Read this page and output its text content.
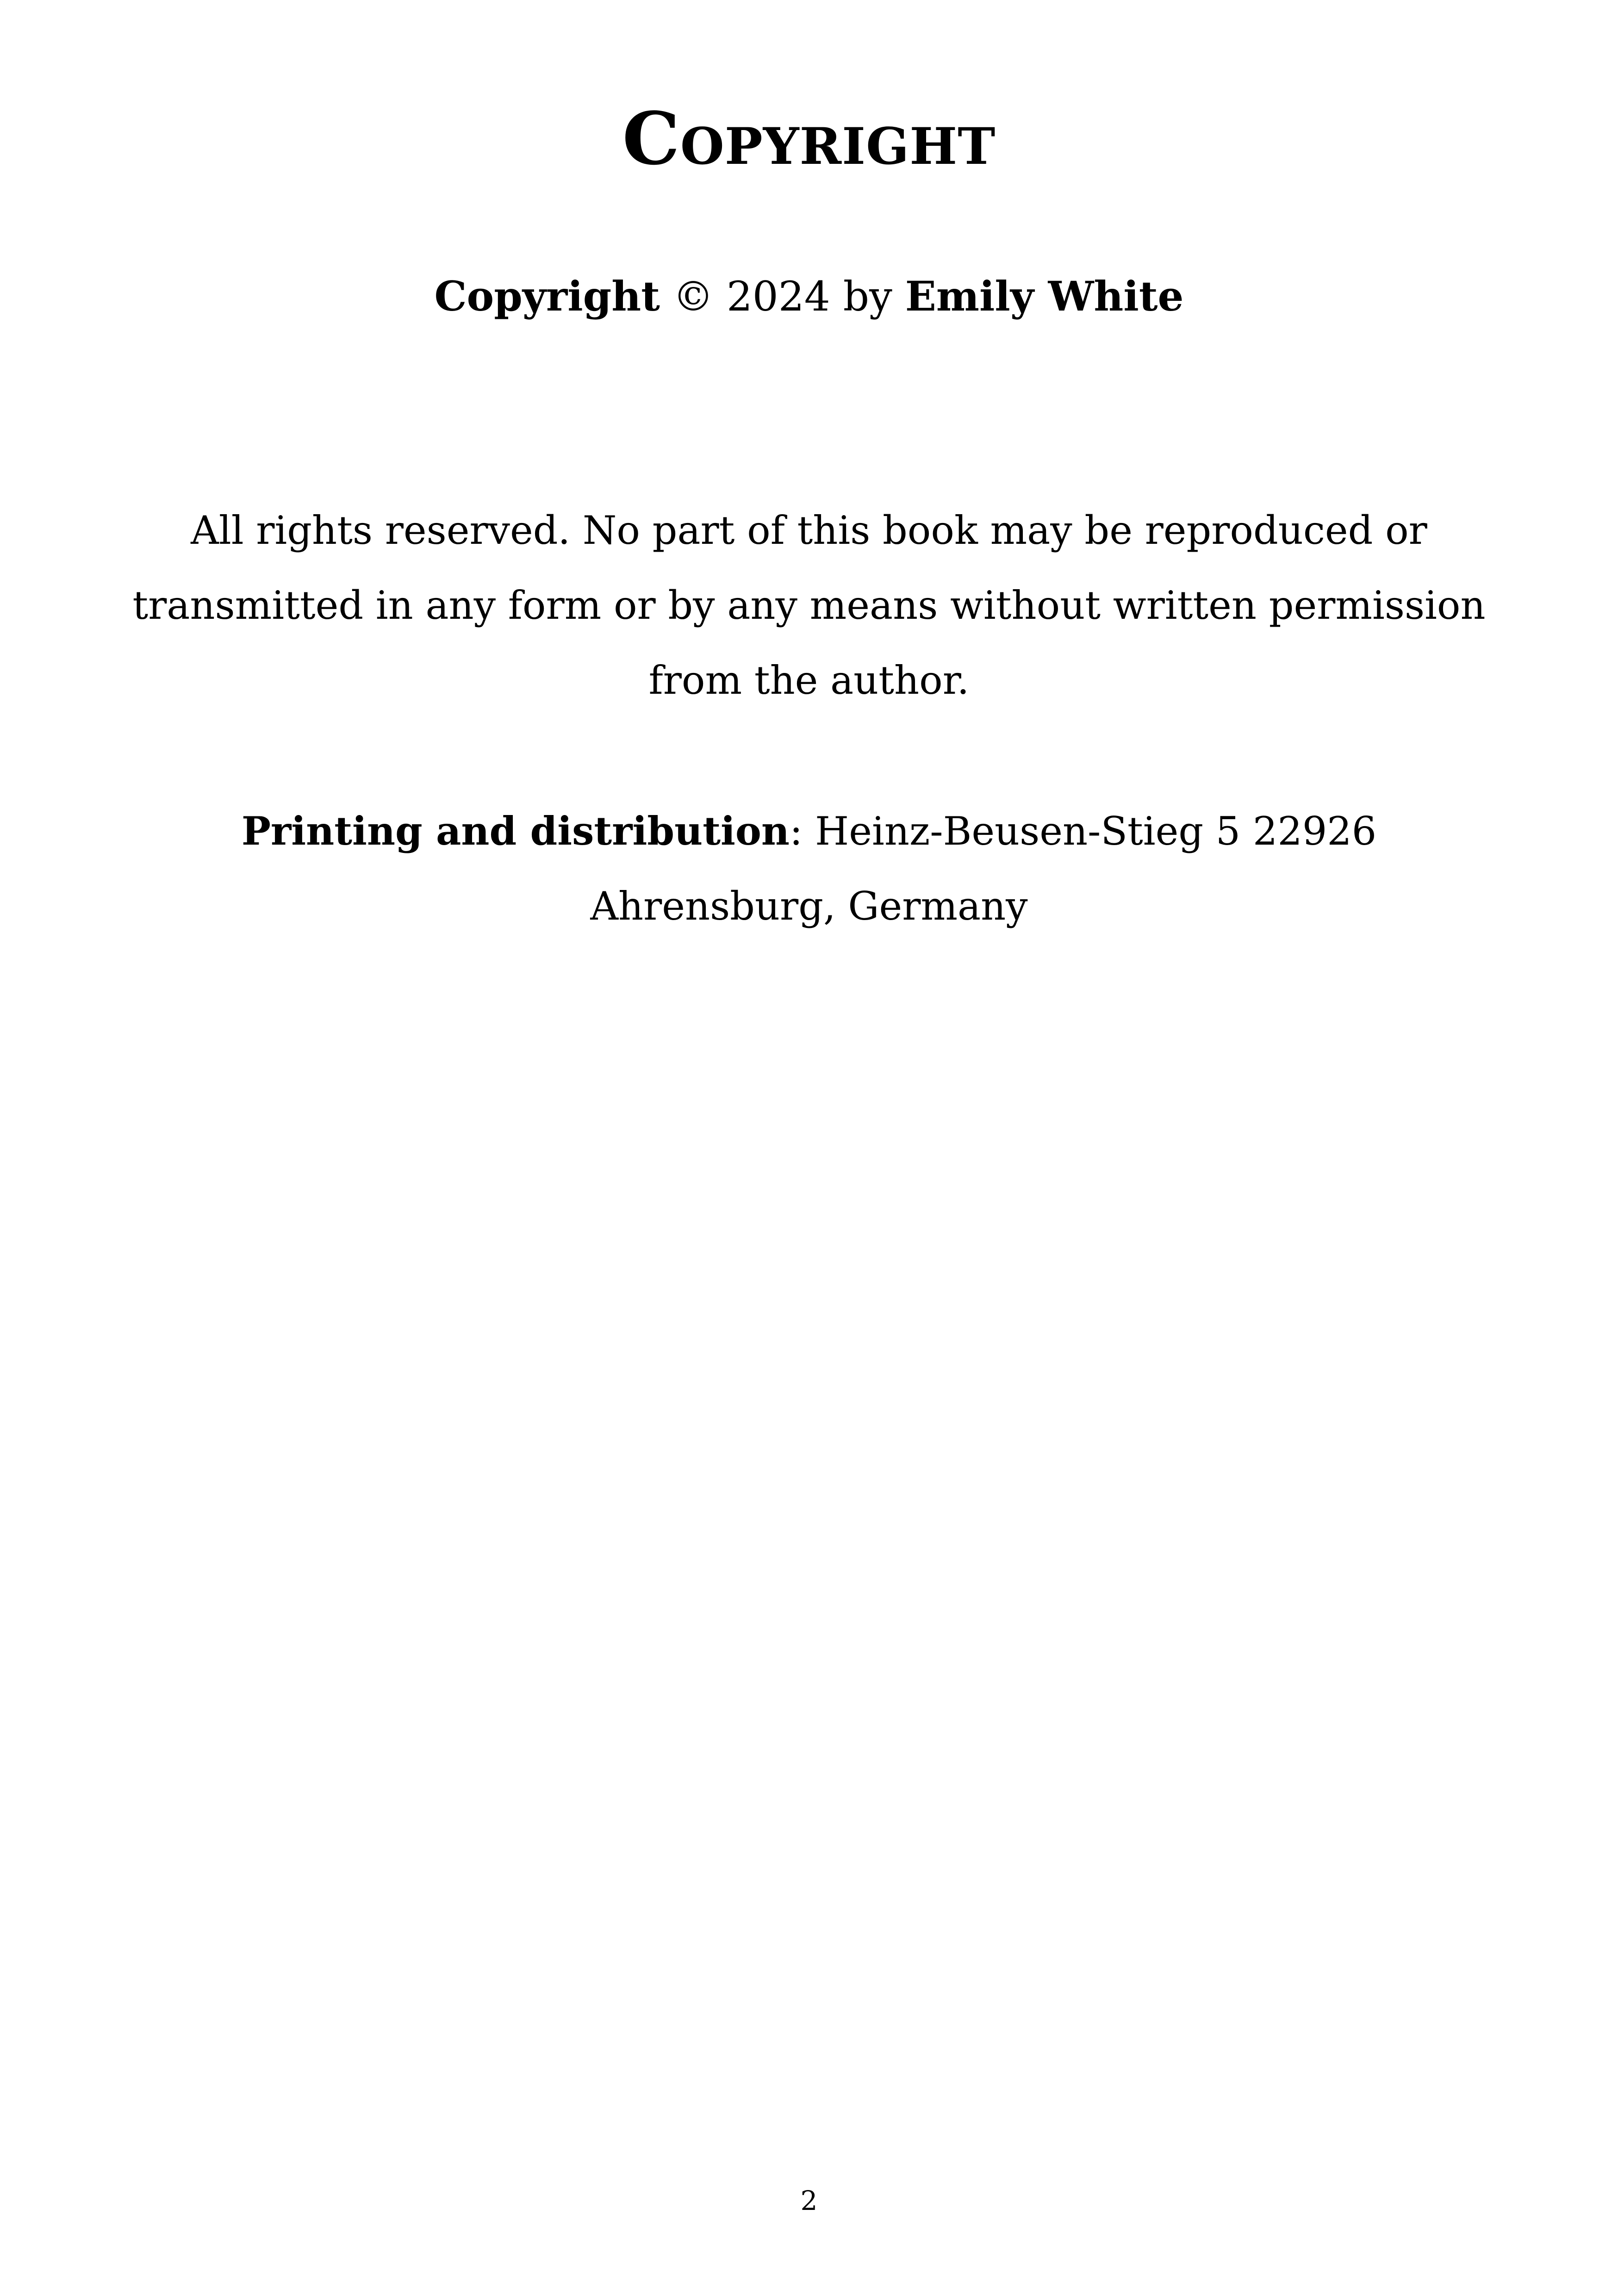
Copyright
Copyright © 2024 by Emily White
All rights reserved. No part of this book may be reproduced or transmitted in any form or by any means without written permission from the author.
Printing and distribution: Heinz-Beusen-Stieg 5 22926 Ahrensburg, Germany
2
